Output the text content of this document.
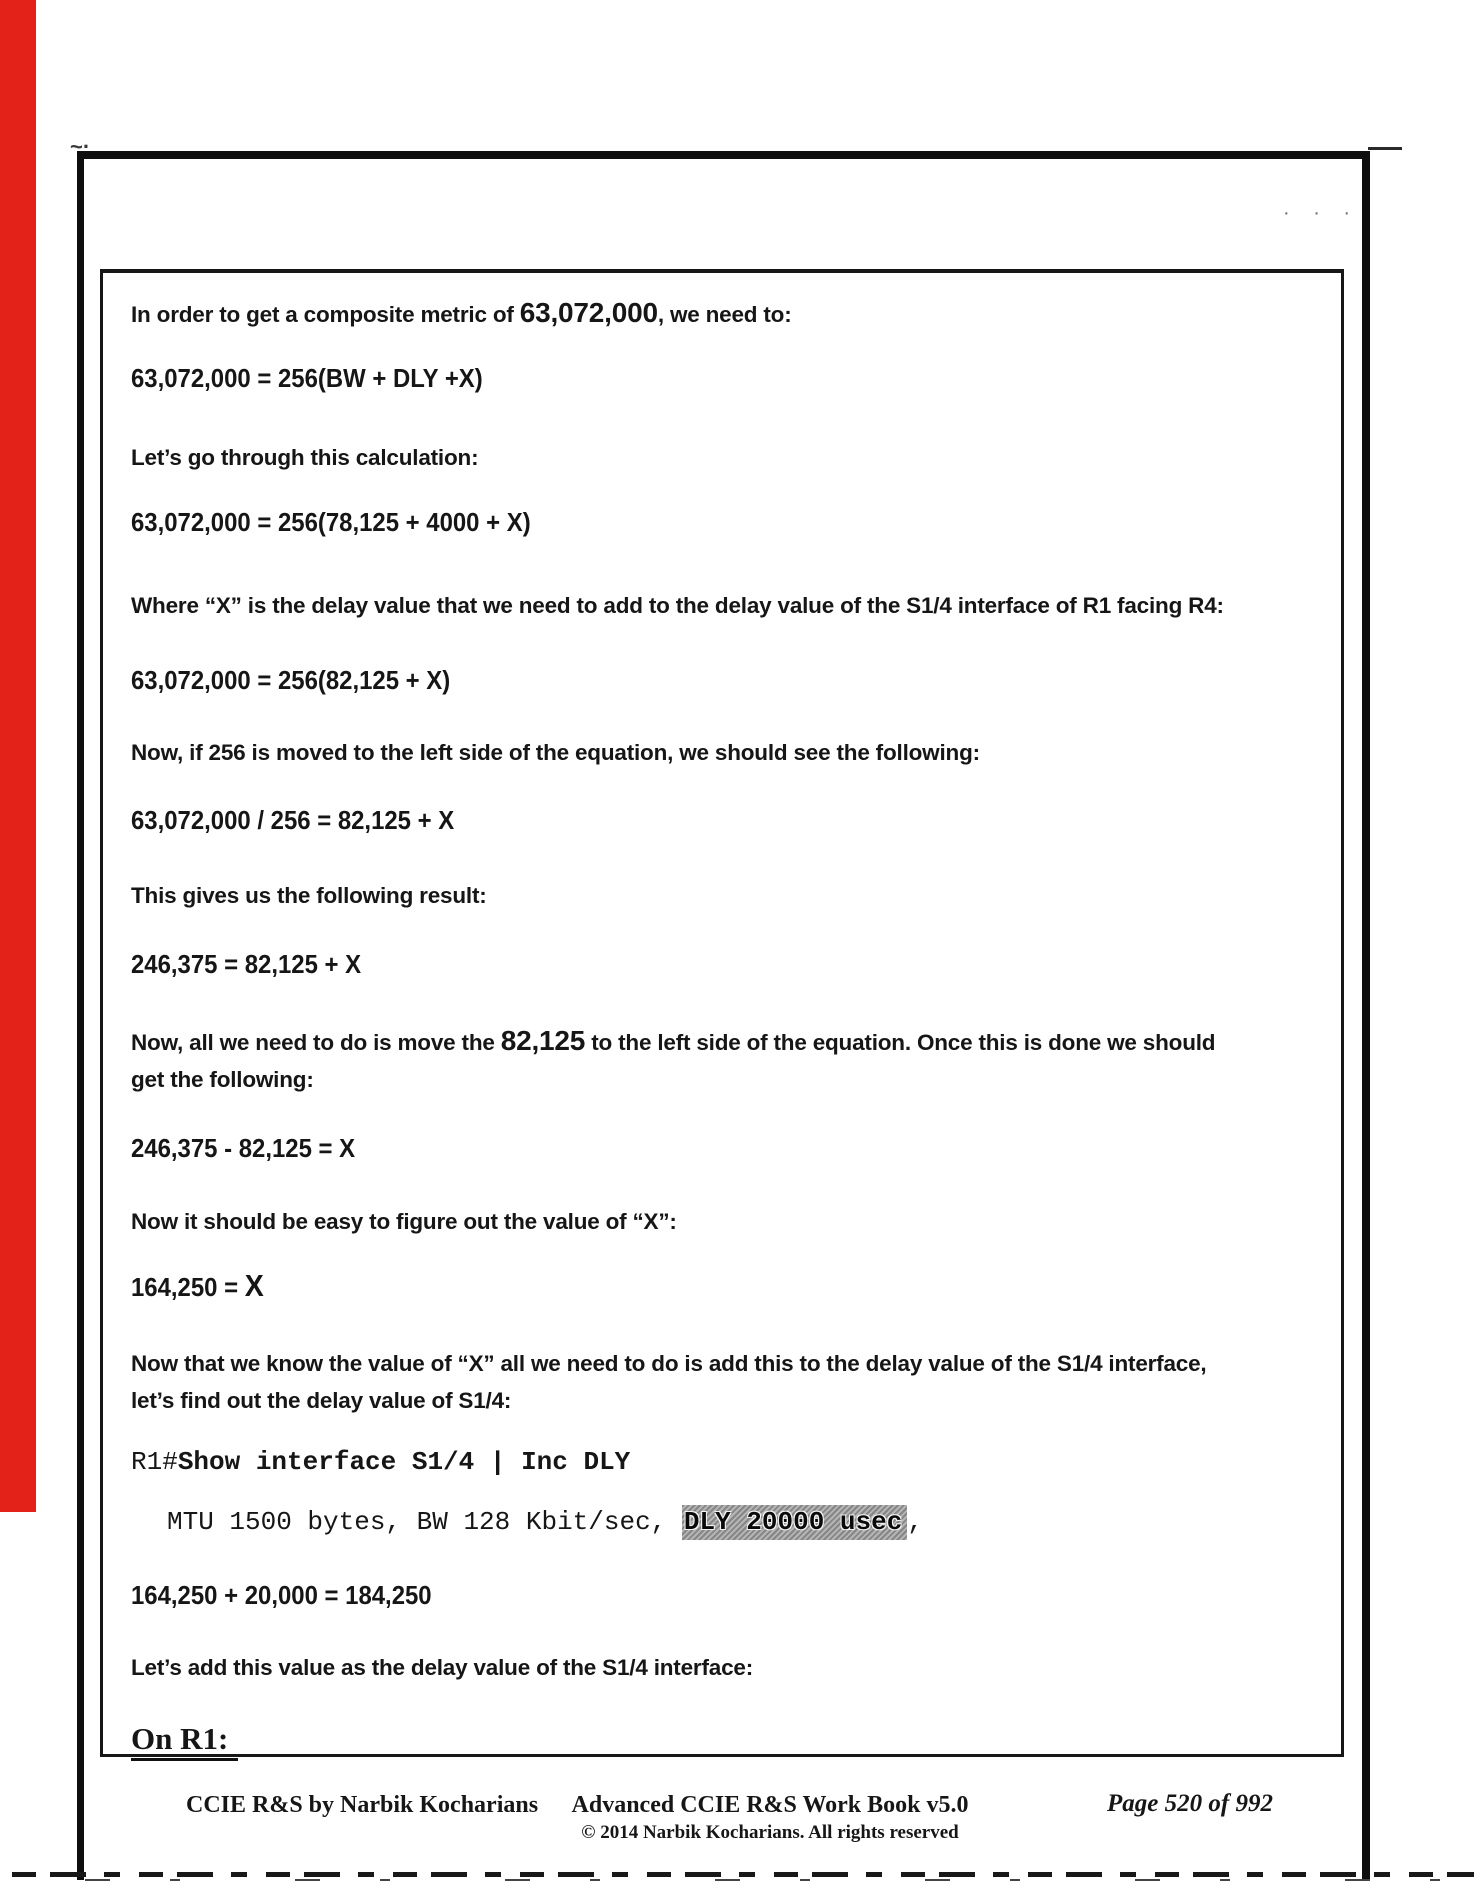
~·
· · ·
In order to get a composite metric of 63,072,000, we need to:
63,072,000 = 256(BW + DLY +X)
Let’s go through this calculation:
63,072,000 = 256(78,125 + 4000 + X)
Where “X” is the delay value that we need to add to the delay value of the S1/4 interface of R1 facing R4:
63,072,000 = 256(82,125 + X)
Now, if 256 is moved to the left side of the equation, we should see the following:
63,072,000 / 256 = 82,125 + X
This gives us the following result:
246,375 = 82,125 + X
Now, all we need to do is move the 82,125 to the left side of the equation. Once this is done we should
get the following:
246,375 - 82,125 = X
Now it should be easy to figure out the value of “X”:
164,250 = X
Now that we know the value of “X” all we need to do is add this to the delay value of the S1/4 interface,
let’s find out the delay value of S1/4:
R1#Show interface S1/4 | Inc DLY
MTU 1500 bytes, BW 128 Kbit/sec, DLY 20000 usec ,
164,250 + 20,000 = 184,250
Let’s add this value as the delay value of the S1/4 interface:
On R1:
CCIE R&S by Narbik Kocharians	Advanced CCIE R&S Work Book v5.0
© 2014 Narbik Kocharians. All rights reserved
Page 520 of 992
